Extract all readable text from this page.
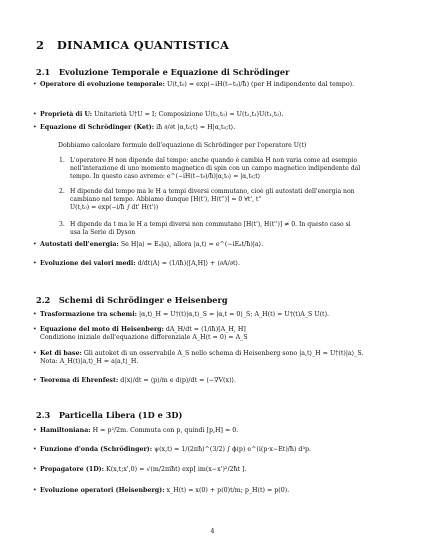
2 DINAMICA QUANTISTICA
2.1 Evoluzione Temporale e Equazione di Schrödinger
• Operatore di evoluzione temporale: U(t,t₀) = exp(−iH(t−t₀)/ħ) (per H indipendente dal tempo).
• Proprietà di U: Unitarietà U†U = I; Composizione U(t₂,t₀) = U(t₂,t₁)U(t₁,t₀).
• Equazione di Schrödinger (Ket): iħ ∂/∂t |α,t₀;t⟩ = H|α,t₀;t⟩.
Dobbiamo calcolare formule dell'equazione di Schrödinger per l'operatore U(t)
1. L'operatore H non dipende dal tempo: anche quando è cambia H non varia come ad esempio
nell'interazione di uno momento magnetico di spin con un campo magnetico indipendente dal
tempo. In questo caso avremo: e^(−iH(t−t₀)/ħ)|α,t₀⟩ = |α,t₀;t⟩
2. H dipende dal tempo ma le H a tempi diversi commutano, cioè gli autostati dell'energia non
cambiano nel tempo. Abbiamo dunque [H(t'), H(t'')] = 0 ∀t', t''
U(t,t₀) = exp(−i/ħ ∫ dt' H(t'))
3. H dipende da t ma le H a tempi diversi non commutano [H(t'), H(t'')] ≠ 0. In questo caso si
usa la Serie di Dyson
• Autostati dell'energia: Se H|a⟩ = Eₐ|a⟩, allora |a,t⟩ = e^(−iEₐt/ħ)|a⟩.
• Evoluzione dei valori medi: d/dt⟨A⟩ = (1/iħ)⟨[A,H]⟩ + ⟨∂A/∂t⟩.
2.2 Schemi di Schrödinger e Heisenberg
• Trasformazione tra schemi: |α,t⟩_H = U†(t)|α,t⟩_S = |α,t = 0⟩_S; A_H(t) = U†(t)A_S U(t).
• Equazione del moto di Heisenberg: dA_H/dt = (1/iħ)[A_H, H]
Condizione iniziale dell'equazione differenziale A_H(t = 0) = A_S
• Ket di base: Gli autoket di un osservabile A_S nello schema di Heisenberg sono |a,t⟩_H = U†(t)|a⟩_S.
Nota: A_H(t)|a,t⟩_H = a|a,t⟩_H.
• Teorema di Ehrenfest: d⟨x⟩/dt = ⟨p⟩/m e d⟨p⟩/dt = ⟨−∇V(x)⟩.
2.3 Particella Libera (1D e 3D)
• Hamiltoniana: H = p²/2m. Commuta con p, quindi [p,H] = 0.
• Funzione d'onda (Schrödinger): ψ(x,t) = 1/(2πħ)^(3/2) ∫ ϕ(p) e^(i(p·x−Et)/ħ) d³p.
• Propagatore (1D): K(x,t;x',0) = √(m/2πiħt) exp[ im(x−x')²/2ħt ].
• Evoluzione operatori (Heisenberg): x_H(t) = x(0) + p(0)t/m; p_H(t) = p(0).
4
